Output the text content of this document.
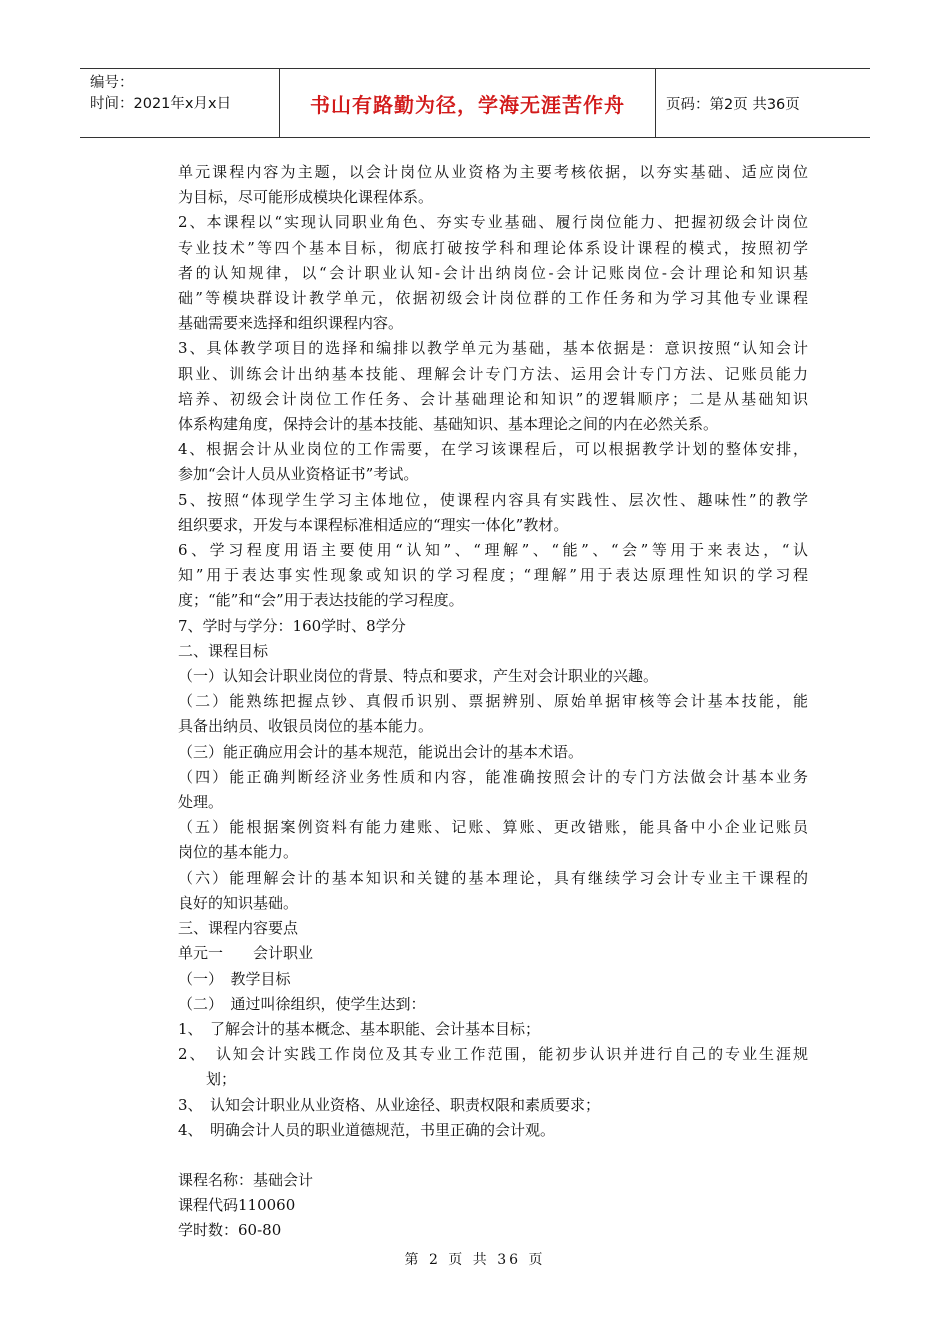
编号：
时间：2021年x月x日	书山有路勤为径，学海无涯苦作舟	页码：第2页 共36页
单元课程内容为主题，以会计岗位从业资格为主要考核依据，以夯实基础、适应岗位
为目标，尽可能形成模块化课程体系。
2、本课程以“实现认同职业角色、夯实专业基础、履行岗位能力、把握初级会计岗位
专业技术”等四个基本目标，彻底打破按学科和理论体系设计课程的模式，按照初学
者的认知规律，以“会计职业认知-会计出纳岗位-会计记账岗位-会计理论和知识基
础”等模块群设计教学单元，依据初级会计岗位群的工作任务和为学习其他专业课程
基础需要来选择和组织课程内容。
3、具体教学项目的选择和编排以教学单元为基础，基本依据是：意识按照“认知会计
职业、训练会计出纳基本技能、理解会计专门方法、运用会计专门方法、记账员能力
培养、初级会计岗位工作任务、会计基础理论和知识”的逻辑顺序；二是从基础知识
体系构建角度，保持会计的基本技能、基础知识、基本理论之间的内在必然关系。
4、根据会计从业岗位的工作需要，在学习该课程后，可以根据教学计划的整体安排，
参加“会计人员从业资格证书”考试。
5、按照“体现学生学习主体地位，使课程内容具有实践性、层次性、趣味性”的教学
组织要求，开发与本课程标准相适应的“理实一体化”教材。
6、学习程度用语主要使用“认知”、“理解”、“能”、“会”等用于来表达，“认
知”用于表达事实性现象或知识的学习程度；“理解”用于表达原理性知识的学习程
度；“能”和“会”用于表达技能的学习程度。
7、学时与学分：160学时、8学分
二、课程目标
（一）认知会计职业岗位的背景、特点和要求，产生对会计职业的兴趣。
（二）能熟练把握点钞、真假币识别、票据辨别、原始单据审核等会计基本技能，能
具备出纳员、收银员岗位的基本能力。
（三）能正确应用会计的基本规范，能说出会计的基本术语。
（四）能正确判断经济业务性质和内容，能准确按照会计的专门方法做会计基本业务
处理。
（五）能根据案例资料有能力建账、记账、算账、更改错账，能具备中小企业记账员
岗位的基本能力。
（六）能理解会计的基本知识和关键的基本理论，具有继续学习会计专业主干课程的
良好的知识基础。
三、课程内容要点
单元一　　会计职业
（一）　教学目标
（二）　通过叫徐组织，使学生达到：
1、　了解会计的基本概念、基本职能、会计基本目标；
2、　认知会计实践工作岗位及其专业工作范围，能初步认识并进行自己的专业生涯规
划；
3、　认知会计职业从业资格、从业途径、职责权限和素质要求；
4、　明确会计人员的职业道德规范，书里正确的会计观。
课程名称：基础会计
课程代码110060
学时数：60-80
第 2 页 共 36 页
